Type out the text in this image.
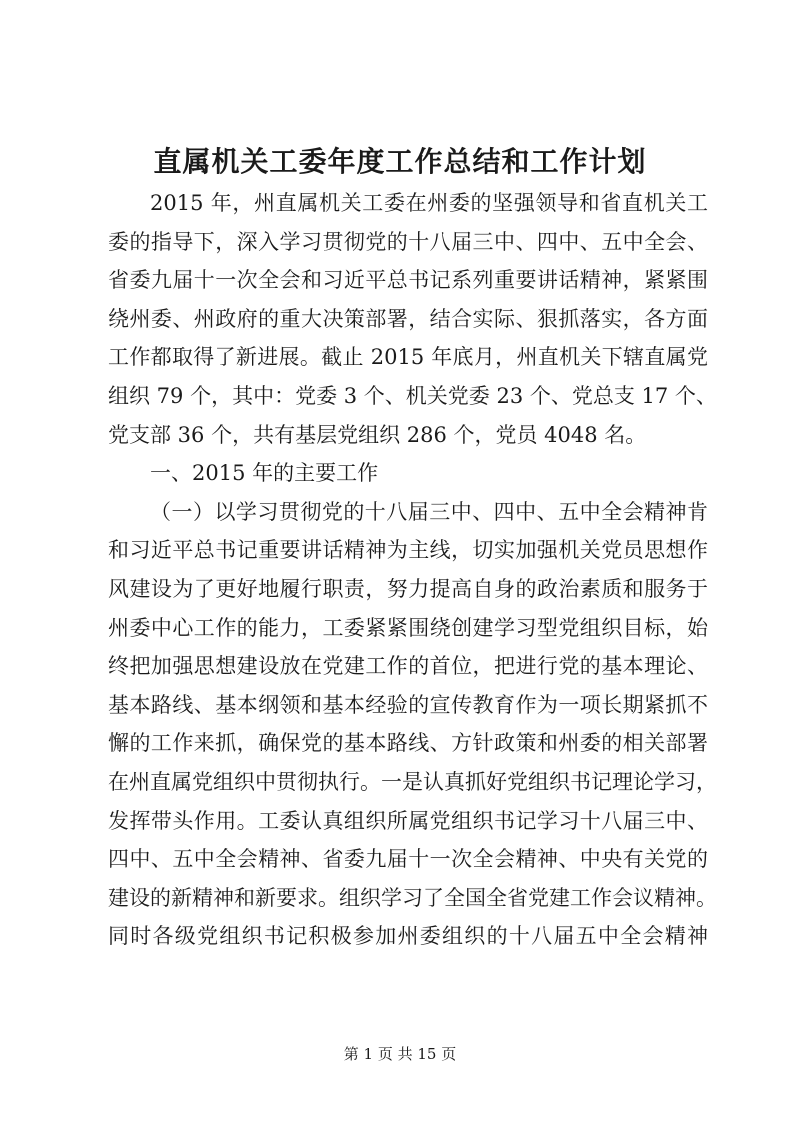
直属机关工委年度工作总结和工作计划
2015 年，州直属机关工委在州委的坚强领导和省直机关工
委的指导下，深入学习贯彻党的十八届三中、四中、五中全会、
省委九届十一次全会和习近平总书记系列重要讲话精神，紧紧围
绕州委、州政府的重大决策部署，结合实际、狠抓落实，各方面
工作都取得了新进展。截止 2015 年底月，州直机关下辖直属党
组织 79 个，其中：党委 3 个、机关党委 23 个、党总支 17 个、
党支部 36 个，共有基层党组织 286 个，党员 4048 名。
一、2015 年的主要工作
（一）以学习贯彻党的十八届三中、四中、五中全会精神肯
和习近平总书记重要讲话精神为主线，切实加强机关党员思想作
风建设为了更好地履行职责，努力提高自身的政治素质和服务于
州委中心工作的能力，工委紧紧围绕创建学习型党组织目标，始
终把加强思想建设放在党建工作的首位，把进行党的基本理论、
基本路线、基本纲领和基本经验的宣传教育作为一项长期紧抓不
懈的工作来抓，确保党的基本路线、方针政策和州委的相关部署
在州直属党组织中贯彻执行。一是认真抓好党组织书记理论学习，
发挥带头作用。工委认真组织所属党组织书记学习十八届三中、
四中、五中全会精神、省委九届十一次全会精神、中央有关党的
建设的新精神和新要求。组织学习了全国全省党建工作会议精神。
同时各级党组织书记积极参加州委组织的十八届五中全会精神
第 1 页 共 15 页
